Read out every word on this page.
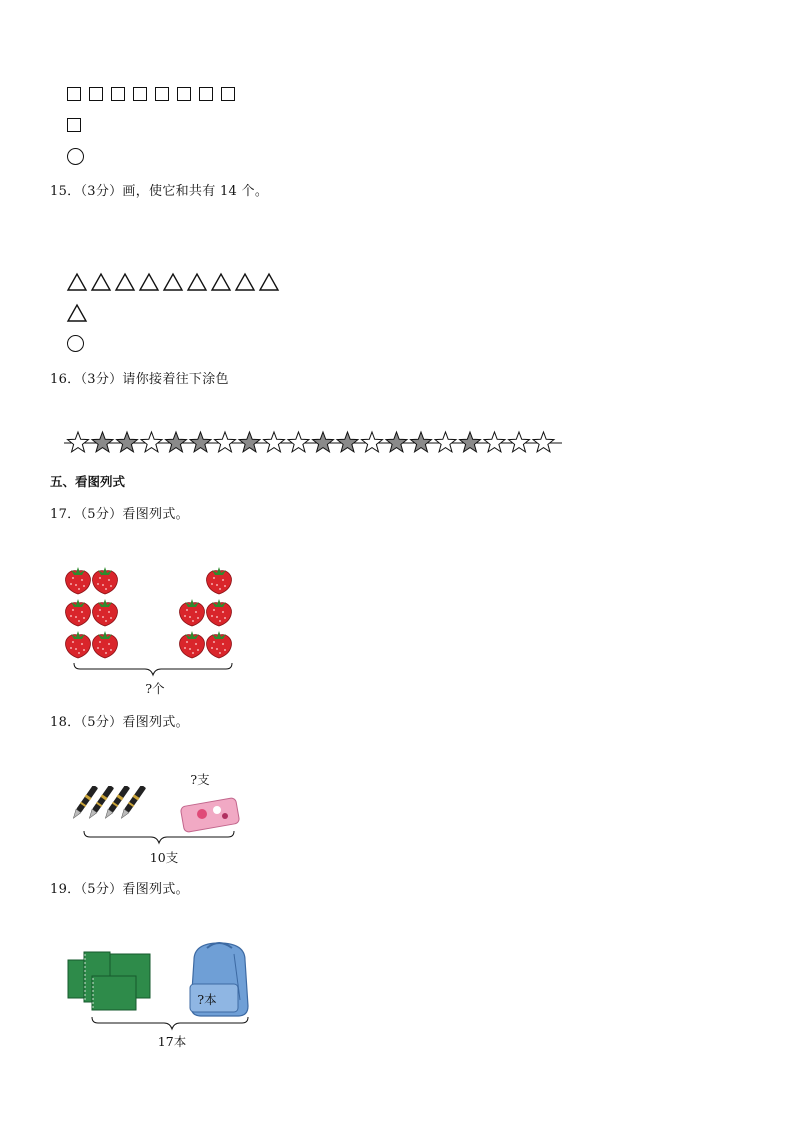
15．（3分）画，使它和共有 14 个。
16．（3分）请你接着往下涂色
五、看图列式
17．（5分）看图列式。
?个
18．（5分）看图列式。
?支
10支
19．（5分）看图列式。
?本
17本
